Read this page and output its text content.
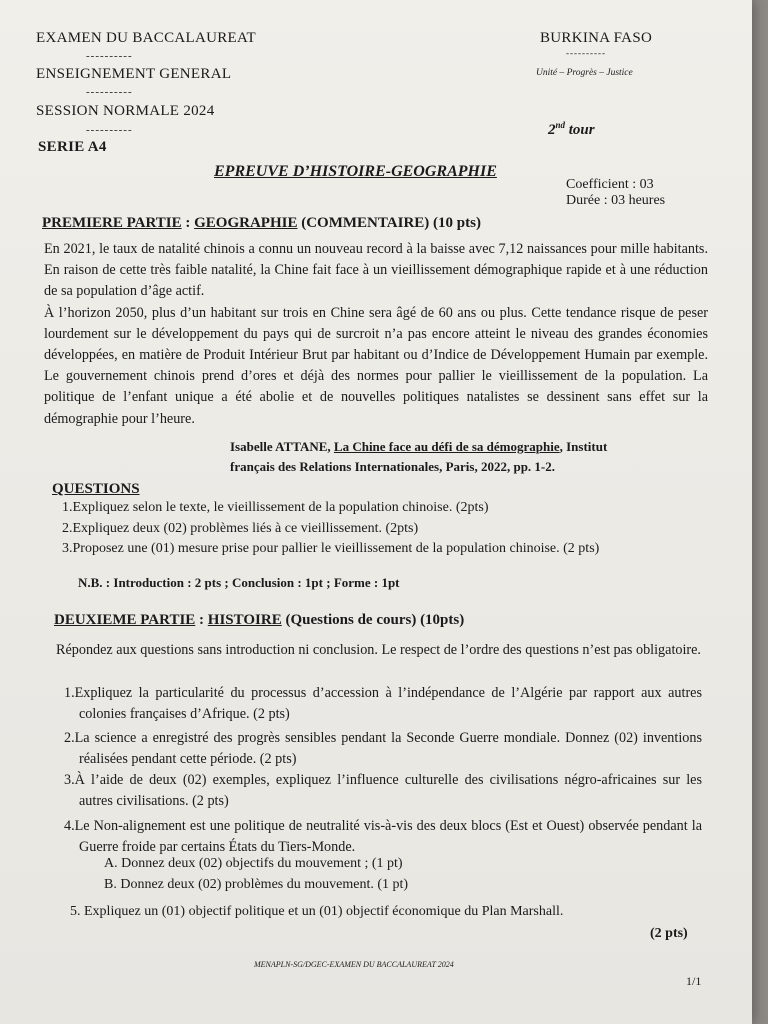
EXAMEN DU BACCALAUREAT
----------
ENSEIGNEMENT GENERAL
----------
SESSION NORMALE 2024
----------
SERIE A4
BURKINA FASO
----------
Unité – Progrès – Justice
2nd tour
EPREUVE D’HISTOIRE-GEOGRAPHIE
Coefficient : 03
Durée : 03 heures
PREMIERE PARTIE : GEOGRAPHIE (COMMENTAIRE) (10 pts)

En 2021, le taux de natalité chinois a connu un nouveau record à la baisse avec 7,12 naissances pour mille habitants. En raison de cette très faible natalité, la Chine fait face à un vieillissement démographique rapide et à une réduction de sa population d’âge actif.

À l’horizon 2050, plus d’un habitant sur trois en Chine sera âgé de 60 ans ou plus. Cette tendance risque de peser lourdement sur le développement du pays qui de surcroit n’a pas encore atteint le niveau des grandes économies développées, en matière de Produit Intérieur Brut par habitant ou d’Indice de Développement Humain par exemple. Le gouvernement chinois prend d’ores et déjà des normes pour pallier le vieillissement de la population. La politique de l’enfant unique a été abolie et de nouvelles politiques natalistes se dessinent sans effet sur la démographie pour l’heure.

Isabelle ATTANE, La Chine face au défi de sa démographie, Institut
français des Relations Internationales, Paris, 2022, pp. 1-2.
QUESTIONS
1.Expliquez selon le texte, le vieillissement de la population chinoise. (2pts)
2.Expliquez deux (02) problèmes liés à ce vieillissement. (2pts)
3.Proposez une (01) mesure prise pour pallier le vieillissement de la population chinoise. (2 pts)
N.B. : Introduction : 2 pts ; Conclusion : 1pt ; Forme : 1pt
DEUXIEME PARTIE : HISTOIRE (Questions de cours) (10pts)
Répondez aux questions sans introduction ni conclusion. Le respect de l’ordre des questions n’est pas obligatoire.
1.Expliquez la particularité du processus d’accession à l’indépendance de l’Algérie par rapport aux autres colonies françaises d’Afrique. (2 pts)
2.La science a enregistré des progrès sensibles pendant la Seconde Guerre mondiale. Donnez (02) inventions réalisées pendant cette période. (2 pts)
3.À l’aide de deux (02) exemples, expliquez l’influence culturelle des civilisations négro-africaines sur les autres civilisations. (2 pts)
4.Le Non-alignement est une politique de neutralité vis-à-vis des deux blocs (Est et Ouest) observée pendant la Guerre froide par certains États du Tiers-Monde.
A. Donnez deux (02) objectifs du mouvement ; (1 pt)
B. Donnez deux (02) problèmes du mouvement. (1 pt)
5. Expliquez un (01) objectif politique et un (01) objectif économique du Plan Marshall.
(2 pts)
MENAPLN-SG/DGEC-EXAMEN DU BACCALAUREAT 2024
1/1
